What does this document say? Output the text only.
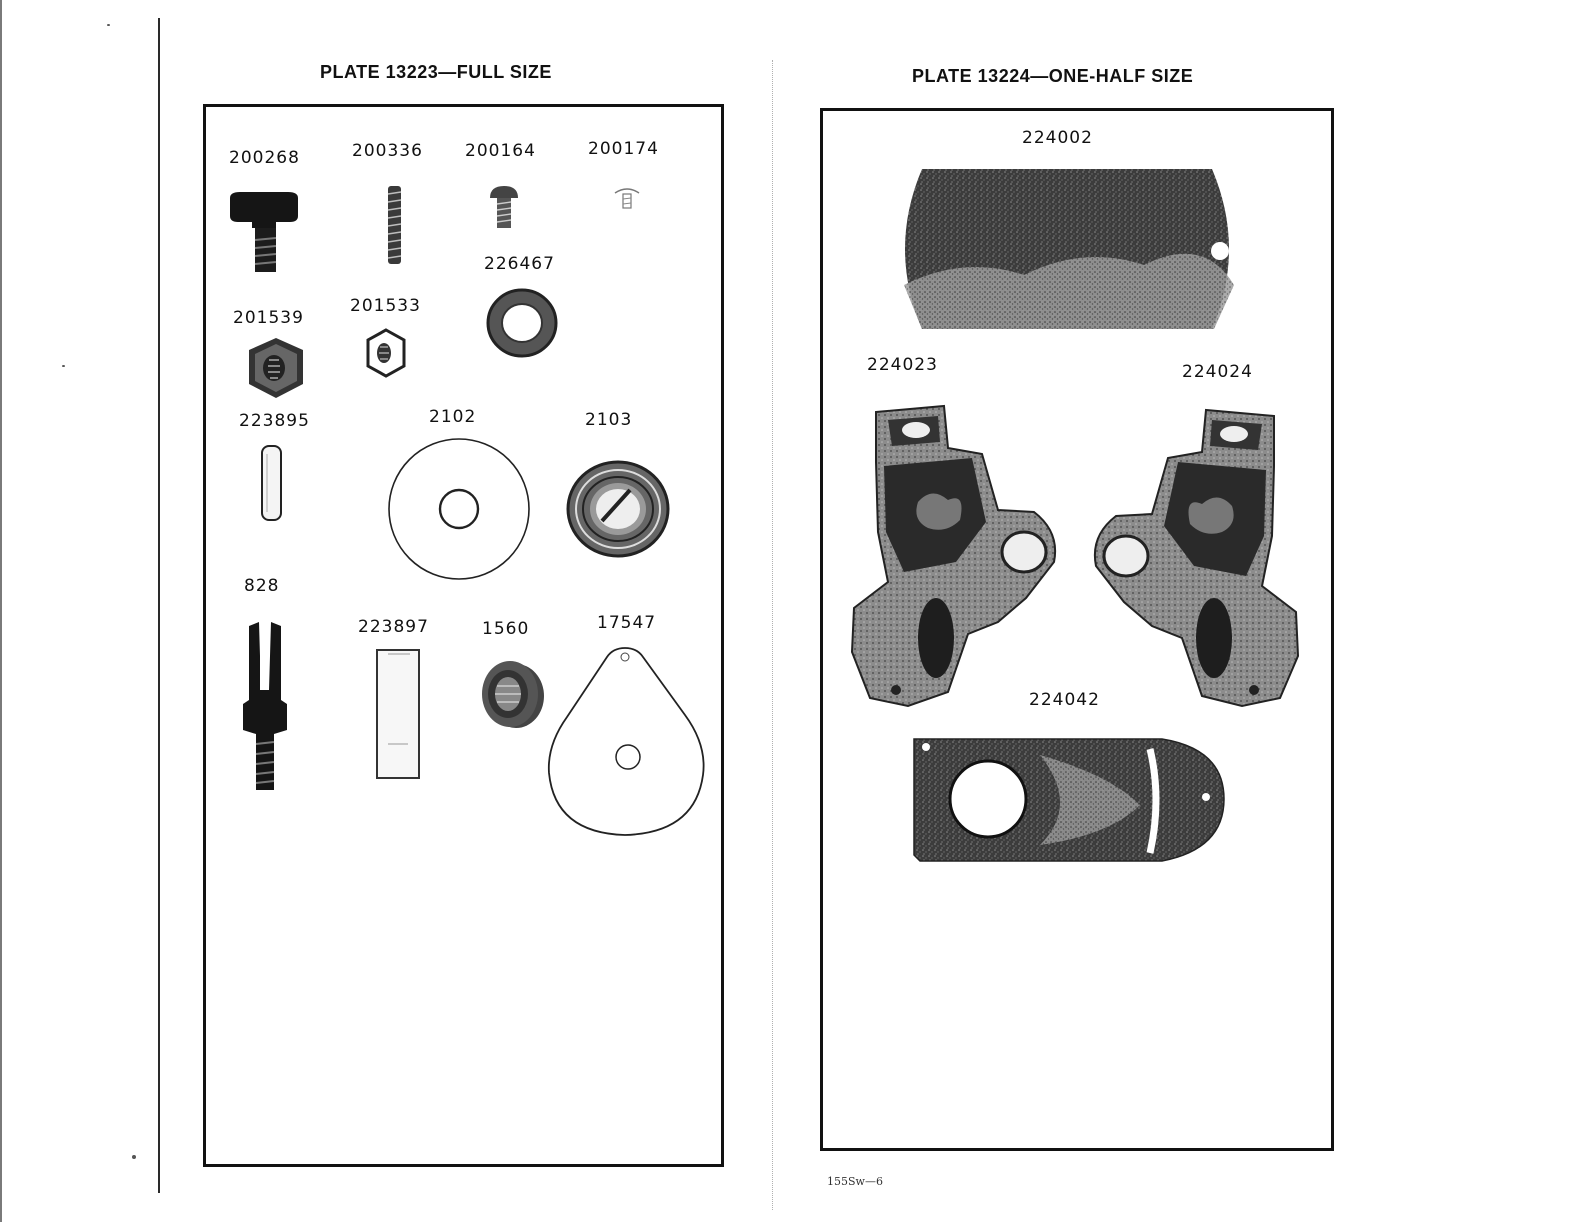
PLATE 13223—FULL SIZE
200268	200336 200164	200174
226467
201539
201533
223895	2102	2103
828
223897	1560	17547
PLATE 13224—ONE-HALF SIZE
224002
224023	224024
224042
155Sw—6
